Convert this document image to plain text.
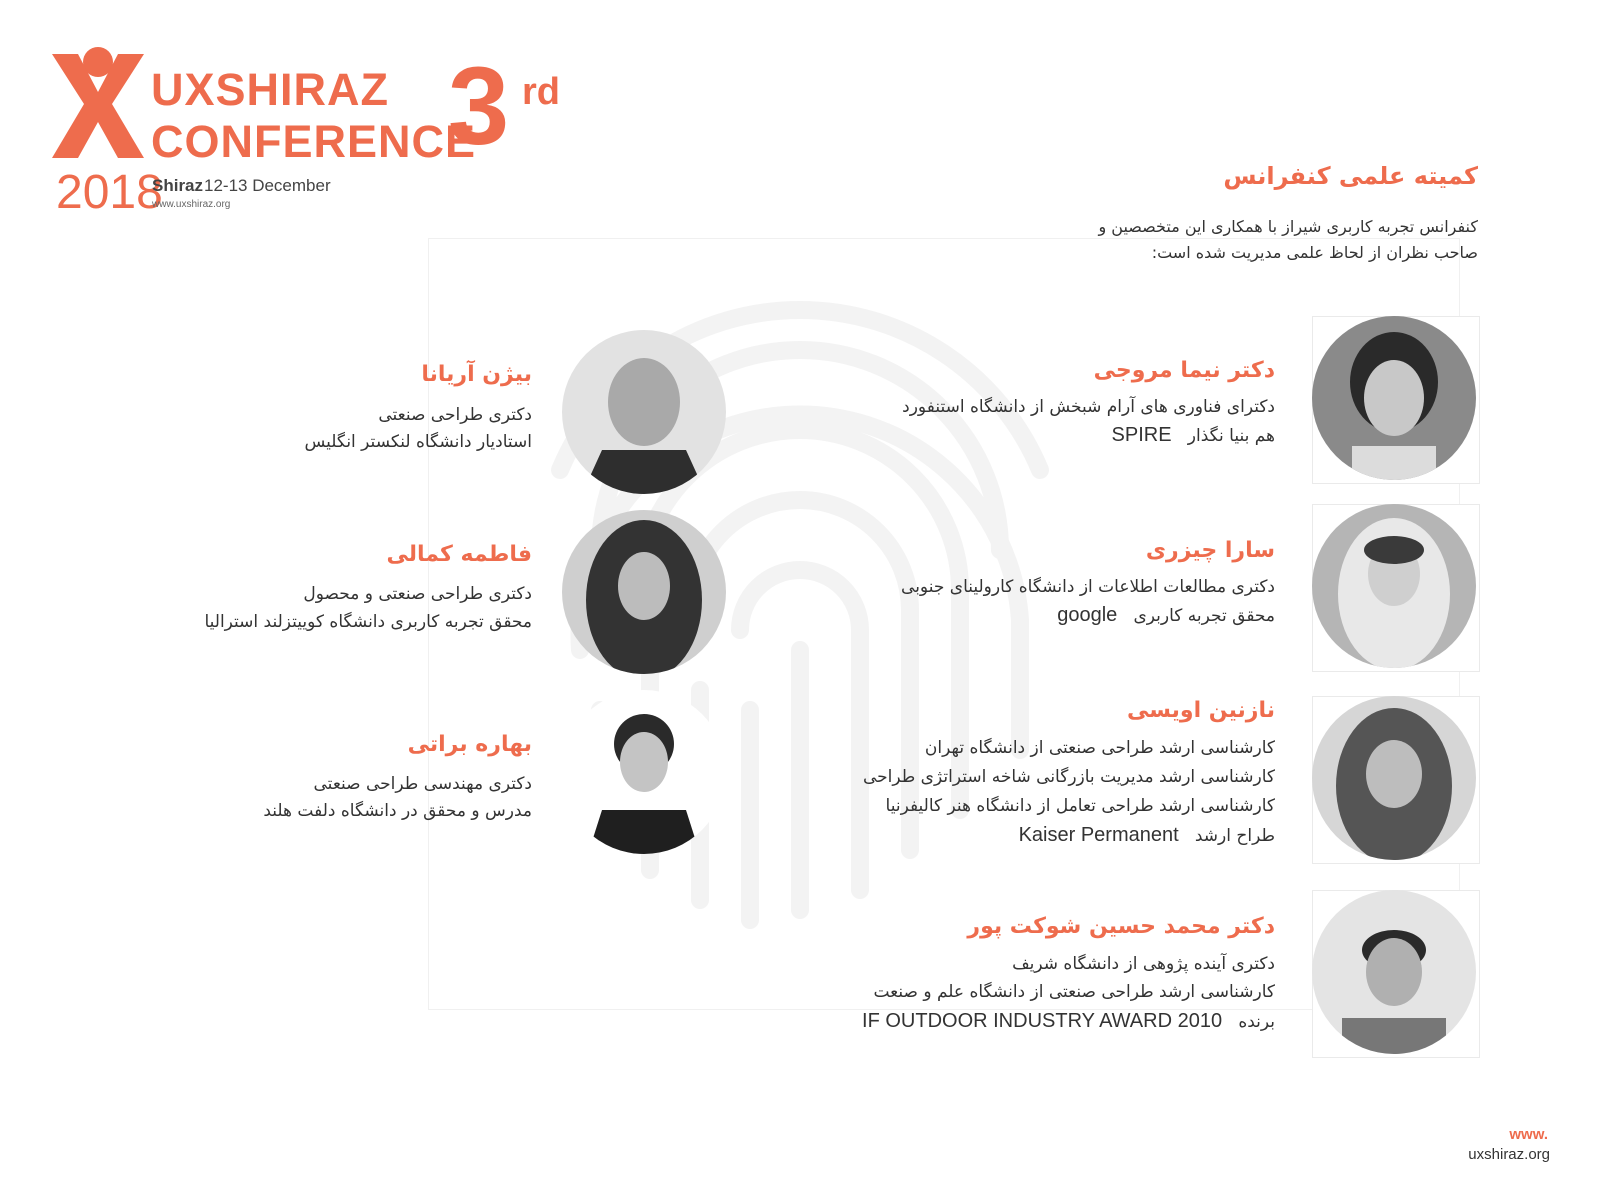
UXSHIRAZ
CONFERENCE
3 rd
2018
Shiraz 12-13 December
www.uxshiraz.org
کمیته علمی کنفرانس
کنفرانس تجربه کاربری شیراز با همکاری این متخصصین و
صاحب نظران از لحاظ علمی مدیریت شده است:
دکتر نیما مروجی
دکترای فناوری های آرام شبخش از دانشگاه استنفورد
هم بنیا نگذار   SPIRE
سارا چیزری
دکتری مطالعات اطلاعات از دانشگاه کارولینای جنوبی
محقق تجربه کاربری   google
نازنین اویسی
کارشناسی ارشد طراحی صنعتی از دانشگاه تهران
کارشناسی ارشد مدیریت بازرگانی شاخه استراتژی طراحی
کارشناسی ارشد طراحی تعامل از دانشگاه هنر کالیفرنیا
طراح ارشد   Kaiser Permanent
دکتر محمد حسین شوکت پور
دکتری آینده پژوهی از دانشگاه شریف
کارشناسی ارشد طراحی صنعتی از دانشگاه علم و صنعت
برنده   IF OUTDOOR INDUSTRY AWARD 2010
بیژن آریانا
دکتری طراحی صنعتی
استادیار دانشگاه لنکستر انگلیس
فاطمه کمالی
دکتری طراحی صنعتی و محصول
محقق تجربه کاربری دانشگاه کوییتزلند استرالیا
بهاره براتی
دکتری مهندسی طراحی صنعتی
مدرس و محقق در دانشگاه دلفت هلند
www.
uxshiraz.org
